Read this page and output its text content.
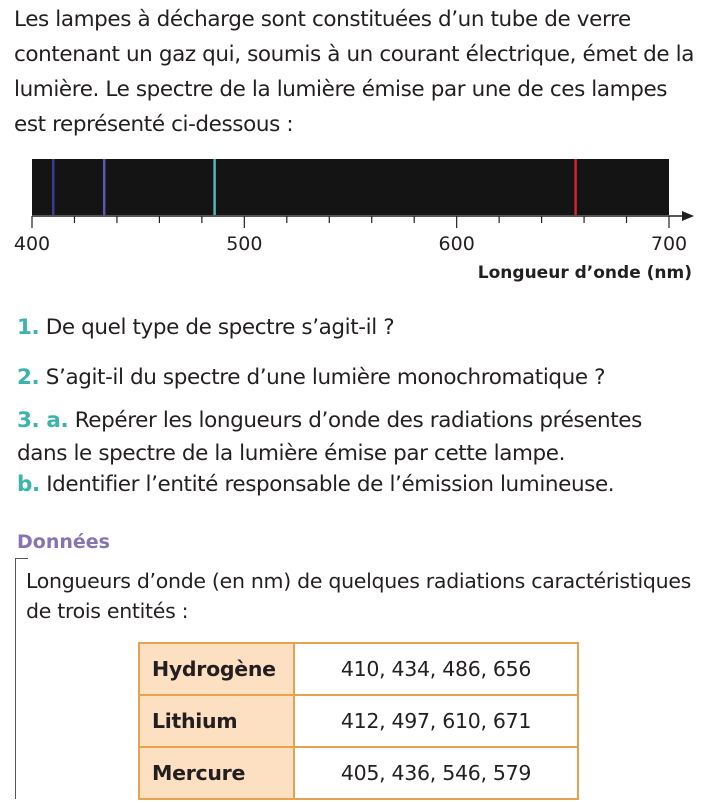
Les lampes à décharge sont constituées d’un tube de verre contenant un gaz qui, soumis à un courant électrique, émet de la lumière. Le spectre de la lumière émise par une de ces lampes est représenté ci-dessous :

400	500	600	700
Longueur d’onde (nm)

1. De quel type de spectre s’agit-il ?

2. S’agit-il du spectre d’une lumière monochromatique ?

3. a. Repérer les longueurs d’onde des radiations présentes dans le spectre de la lumière émise par cette lampe.

b. Identifier l’entité responsable de l’émission lumineuse.

Données

Longueurs d’onde (en nm) de quelques radiations caractéristiques de trois entités :

Hydrogène	410, 434, 486, 656
Lithium	412, 497, 610, 671
Mercure	405, 436, 546, 579
